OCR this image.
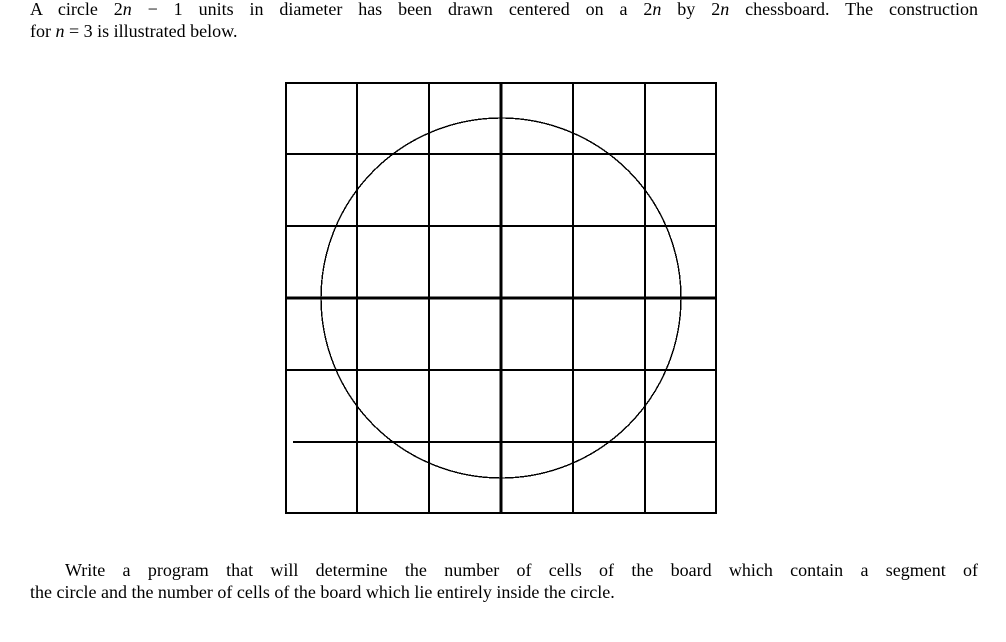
A circle 2n − 1 units in diameter has been drawn centered on a 2n by 2n chessboard. The construction
for n = 3 is illustrated below.
Write a program that will determine the number of cells of the board which contain a segment of
the circle and the number of cells of the board which lie entirely inside the circle.
